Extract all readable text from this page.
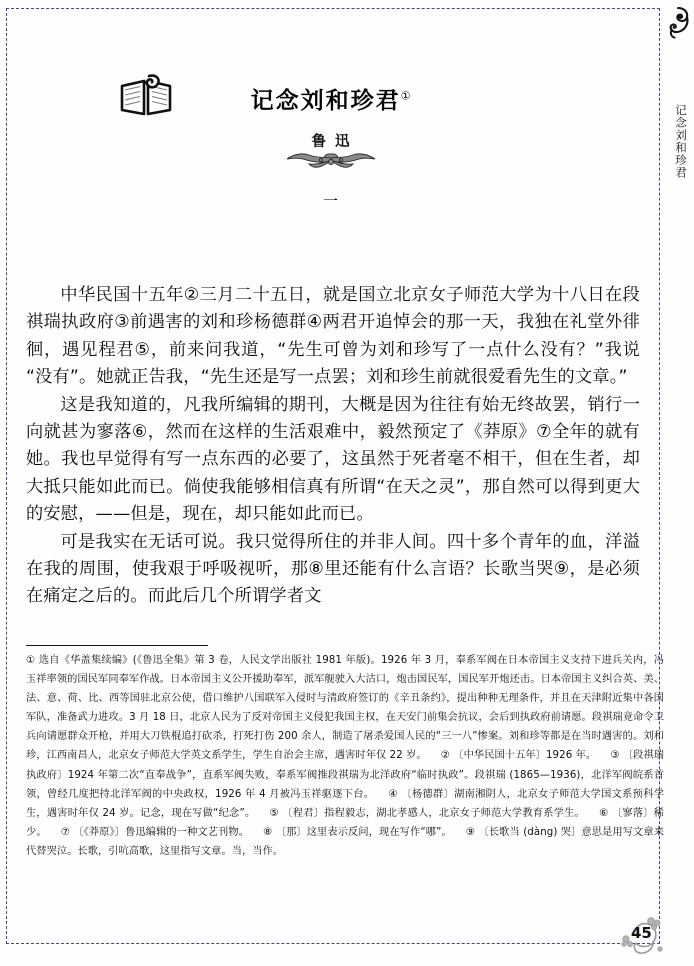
记念刘和珍君
记念刘和珍君①
鲁迅
一

中华民国十五年②三月二十五日，就是国立北京女子师范大学为十八日在段祺瑞执政府③前遇害的刘和珍杨德群④两君开追悼会的那一天，我独在礼堂外徘徊，遇见程君⑤，前来问我道，“先生可曾为刘和珍写了一点什么没有？”我说“没有”。她就正告我，“先生还是写一点罢；刘和珍生前就很爱看先生的文章。”

这是我知道的，凡我所编辑的期刊，大概是因为往往有始无终故罢，销行一向就甚为寥落⑥，然而在这样的生活艰难中，毅然预定了《莽原》⑦全年的就有她。我也早觉得有写一点东西的必要了，这虽然于死者毫不相干，但在生者，却大抵只能如此而已。倘使我能够相信真有所谓“在天之灵”，那自然可以得到更大的安慰，——但是，现在，却只能如此而已。

可是我实在无话可说。我只觉得所住的并非人间。四十多个青年的血，洋溢在我的周围，使我艰于呼吸视听，那⑧里还能有什么言语？长歌当哭⑨，是必须在痛定之后的。而此后几个所谓学者文

① 选自《华盖集续编》(《鲁迅全集》第 3 卷，人民文学出版社 1981 年版)。1926 年 3 月，奉系军阀在日本帝国主义支持下进兵关内，冯玉祥率领的国民军同奉军作战。日本帝国主义公开援助奉军，派军舰驶入大沽口，炮击国民军，国民军开炮还击。日本帝国主义纠合英、美、法、意、荷、比、西等国驻北京公使，借口维护八国联军入侵时与清政府签订的《辛丑条约》，提出种种无理条件，并且在天津附近集中各国军队，准备武力进攻。3 月 18 日，北京人民为了反对帝国主义侵犯我国主权，在天安门前集会抗议，会后到执政府前请愿。段祺瑞竟命令卫兵向请愿群众开枪，并用大刀铁棍追打砍杀，打死打伤 200 余人，制造了屠杀爱国人民的“三一八”惨案。刘和珍等都是在当时遇害的。刘和珍，江西南昌人，北京女子师范大学英文系学生，学生自治会主席，遇害时年仅 22 岁。 ② 〔中华民国十五年〕1926 年。 ③ 〔段祺瑞执政府〕1924 年第二次“直奉战争”，直系军阀失败，奉系军阀推段祺瑞为北洋政府“临时执政”。段祺瑞 (1865—1936)，北洋军阀皖系首领，曾经几度把持北洋军阀的中央政权，1926 年 4 月被冯玉祥驱逐下台。 ④ 〔杨德群〕湖南湘阴人，北京女子师范大学国文系预科学生，遇害时年仅 24 岁。记念，现在写做“纪念”。 ⑤ 〔程君〕指程毅志，湖北孝感人，北京女子师范大学教育系学生。 ⑥ 〔寥落〕稀少。 ⑦ 〔《莽原》〕鲁迅编辑的一种文艺刊物。 ⑧ 〔那〕这里表示反问，现在写作“哪”。 ⑨ 〔长歌当 (dàng) 哭〕意思是用写文章来代替哭泣。长歌，引吭高歌，这里指写文章。当，当作。
45
